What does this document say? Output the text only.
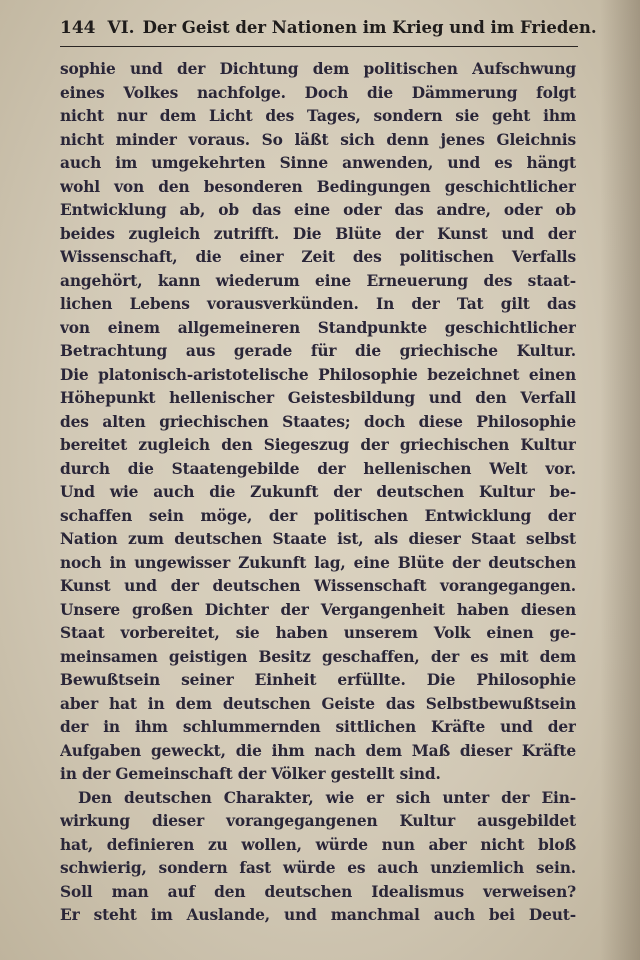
144 VI. Der Geist der Nationen im Krieg und im Frieden.
sophie und der Dichtung dem politischen Aufschwung
eines Volkes nachfolge. Doch die Dämmerung folgt
nicht nur dem Licht des Tages, sondern sie geht ihm
nicht minder voraus. So läßt sich denn jenes Gleichnis
auch im umgekehrten Sinne anwenden, und es hängt
wohl von den besonderen Bedingungen geschichtlicher
Entwicklung ab, ob das eine oder das andre, oder ob
beides zugleich zutrifft. Die Blüte der Kunst und der
Wissenschaft, die einer Zeit des politischen Verfalls
angehört, kann wiederum eine Erneuerung des staat-
lichen Lebens vorausverkünden. In der Tat gilt das
von einem allgemeineren Standpunkte geschichtlicher
Betrachtung aus gerade für die griechische Kultur.
Die platonisch-aristotelische Philosophie bezeichnet einen
Höhepunkt hellenischer Geistesbildung und den Verfall
des alten griechischen Staates; doch diese Philosophie
bereitet zugleich den Siegeszug der griechischen Kultur
durch die Staatengebilde der hellenischen Welt vor.
Und wie auch die Zukunft der deutschen Kultur be-
schaffen sein möge, der politischen Entwicklung der
Nation zum deutschen Staate ist, als dieser Staat selbst
noch in ungewisser Zukunft lag, eine Blüte der deutschen
Kunst und der deutschen Wissenschaft vorangegangen.
Unsere großen Dichter der Vergangenheit haben diesen
Staat vorbereitet, sie haben unserem Volk einen ge-
meinsamen geistigen Besitz geschaffen, der es mit dem
Bewußtsein seiner Einheit erfüllte. Die Philosophie
aber hat in dem deutschen Geiste das Selbstbewußtsein
der in ihm schlummernden sittlichen Kräfte und der
Aufgaben geweckt, die ihm nach dem Maß dieser Kräfte
in der Gemeinschaft der Völker gestellt sind.
Den deutschen Charakter, wie er sich unter der Ein-
wirkung dieser vorangegangenen Kultur ausgebildet
hat, definieren zu wollen, würde nun aber nicht bloß
schwierig, sondern fast würde es auch unziemlich sein.
Soll man auf den deutschen Idealismus verweisen?
Er steht im Auslande, und manchmal auch bei Deut-
